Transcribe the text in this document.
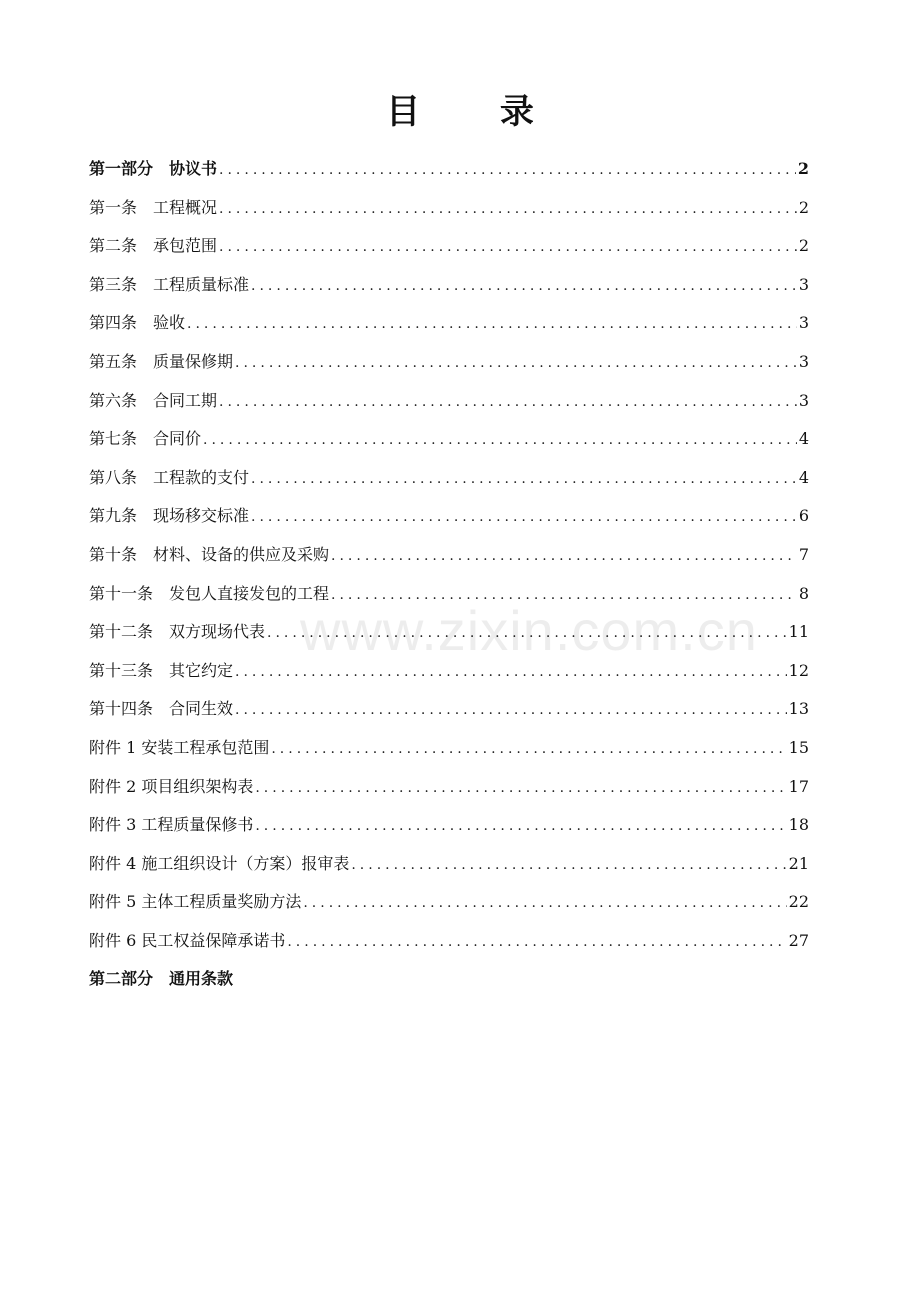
目 录
www.zixin.com.cn
第一部分　协议书 .....	2
第一条　工程概况 .....	2
第二条　承包范围 .....	2
第三条　工程质量标准 .....	3
第四条　验收 .....	3
第五条　质量保修期 .....	3
第六条　合同工期 .....	3
第七条　合同价 .....	4
第八条　工程款的支付 .....	4
第九条　现场移交标准 .....	6
第十条　材料、设备的供应及采购 .....	7
第十一条　发包人直接发包的工程 .....	8
第十二条　双方现场代表 .....	11
第十三条　其它约定 .....	12
第十四条　合同生效 .....	13
附件 1 安装工程承包范围 .....	15
附件 2 项目组织架构表 .....	17
附件 3 工程质量保修书 .....	18
附件 4 施工组织设计（方案）报审表 .....	21
附件 5 主体工程质量奖励方法 .....	22
附件 6 民工权益保障承诺书 .....	27
第二部分　通用条款
